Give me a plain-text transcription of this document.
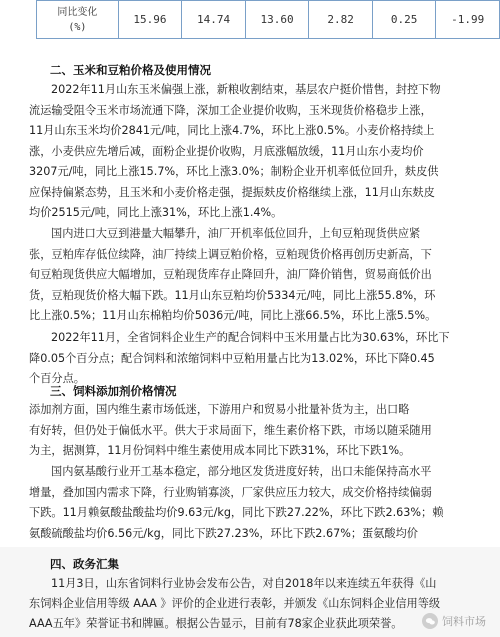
同比变化
(%)
	15.96	14.74	13.60	2.82	0.25	-1.99
二、玉米和豆粕价格及使用情况
2022年11月山东玉米偏强上涨，新粮收割结束，基层农户挺价惜售，封控下物
流运输受阻令玉米市场流通下降，深加工企业提价收购，玉米现货价格稳步上涨，
11月山东玉米均价2841元/吨，同比上涨4.7%，环比上涨0.5%。小麦价格持续上
涨，小麦供应先增后减，面粉企业提价收购，月底涨幅放缓，11月山东小麦均价
3207元/吨，同比上涨15.7%，环比上涨3.0%；制粉企业开机率低位回升，麸皮供
应保持偏紧态势，且玉米和小麦价格走强，提振麸皮价格继续上涨，11月山东麸皮
均价2515元/吨，同比上涨31%，环比上涨1.4%。
国内进口大豆到港量大幅攀升，油厂开机率低位回升，上旬豆粕现货供应紧
张，豆粕库存低位续降，油厂持续上调豆粕价格，豆粕现货价格再创历史新高，下
旬豆粕现货供应大幅增加，豆粕现货库存止降回升，油厂降价销售，贸易商低价出
货，豆粕现货价格大幅下跌。11月山东豆粕均价5334元/吨，同比上涨55.8%，环
比上涨0.5%；11月山东棉粕均价5036元/吨，同比上涨66.5%，环比上涨5.5%。
2022年11月，全省饲料企业生产的配合饲料中玉米用量占比为30.63%，环比下
降0.05个百分点；配合饲料和浓缩饲料中豆粕用量占比为13.02%，环比下降0.45
个百分点。
三、饲料添加剂价格情况
添加剂方面，国内维生素市场低迷，下游用户和贸易小批量补货为主，出口略
有好转，但仍处于偏低水平。供大于求局面下，维生素价格下跌，市场以随采随用
为主，据测算，11月份饲料中维生素使用成本同比下跌31%，环比下跌1%。
国内氨基酸行业开工基本稳定，部分地区发货进度好转，出口未能保持高水平
增量，叠加国内需求下降，行业购销寡淡，厂家供应压力较大，成交价格持续偏弱
下跌。11月赖氨酸盐酸盐均价9.63元/kg，同比下跌27.22%，环比下跌2.63%；赖
氨酸硫酸盐均价6.56元/kg，同比下跌27.23%，环比下跌2.67%；蛋氨酸均价
四、政务汇集
11月3日，山东省饲料行业协会发布公告，对自2018年以来连续五年获得《山
东饲料企业信用等级 AAA 》评价的企业进行表彰，并颁发《山东饲料企业信用等级
AAA五年》荣誉证书和牌匾。根据公告显示，目前有78家企业获此项荣誉。	饲料市场
